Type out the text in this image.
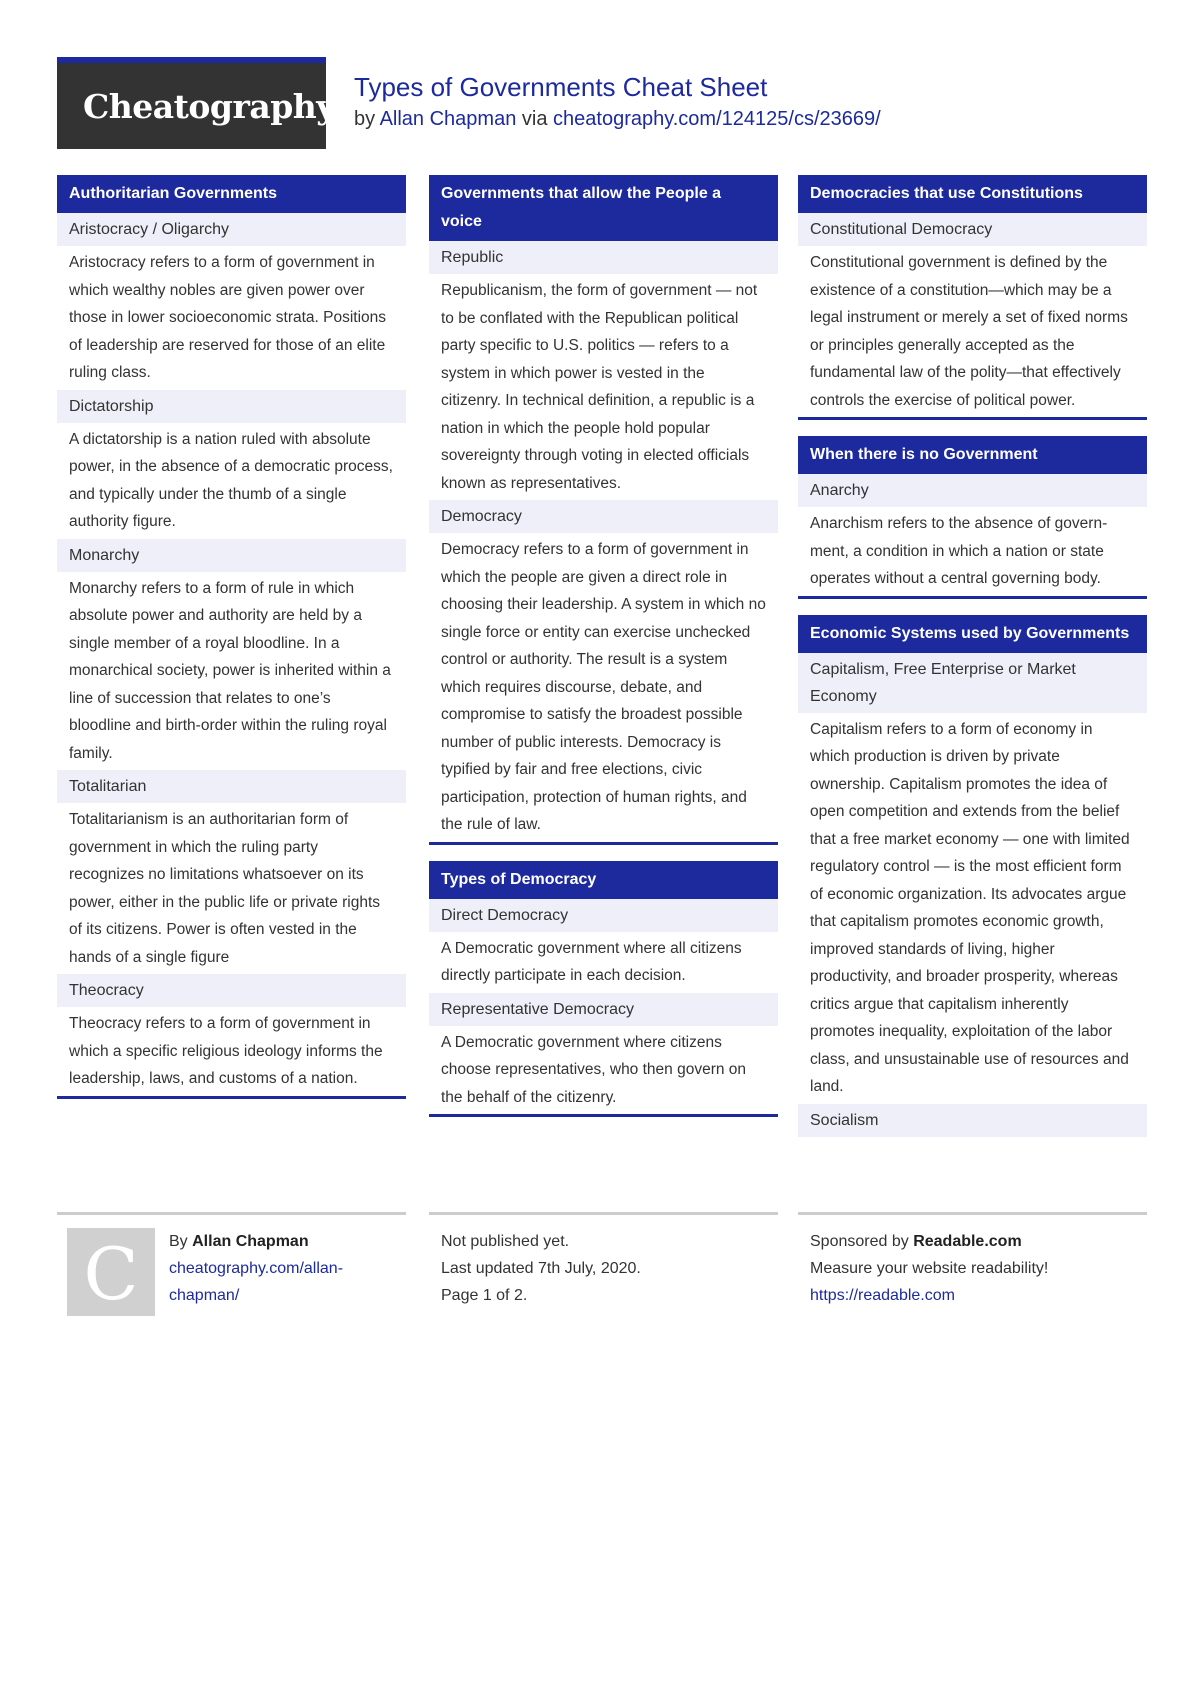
Cheatography Types of Governments Cheat Sheet
by Allan Chapman via cheatography.com/124125/cs/23669/
Authoritarian Governments
Aristocracy / Oligarchy
Aristocracy refers to a form of government in which wealthy nobles are given power over those in lower socioeconomic strata. Positions of leadership are reserved for those of an elite ruling class.
Dictatorship
A dictatorship is a nation ruled with absolute power, in the absence of a democratic process, and typically under the thumb of a single authority figure.
Monarchy
Monarchy refers to a form of rule in which absolute power and authority are held by a single member of a royal bloodline. In a monarchical society, power is inherited within a line of succession that relates to one’s bloodline and birth-order within the ruling royal family.
Totalitarian
Totalitarianism is an authoritarian form of government in which the ruling party recognizes no limitations whatsoever on its power, either in the public life or private rights of its citizens. Power is often vested in the hands of a single figure
Theocracy
Theocracy refers to a form of government in which a specific religious ideology informs the leadership, laws, and customs of a nation.
Governments that allow the People a voice
Republic
Republicanism, the form of government — not to be conflated with the Republican political party specific to U.S. politics — refers to a system in which power is vested in the citizenry. In technical definition, a republic is a nation in which the people hold popular sovereignty through voting in elected officials known as representatives.
Democracy
Democracy refers to a form of government in which the people are given a direct role in choosing their leadership. A system in which no single force or entity can exercise unchecked control or authority. The result is a system which requires discourse, debate, and compromise to satisfy the broadest possible number of public interests. Democracy is typified by fair and free elections, civic participation, protection of human rights, and the rule of law.
Types of Democracy
Direct Democracy
A Democratic government where all citizens directly participate in each decision.
Representative Democracy
A Democratic government where citizens choose representatives, who then govern on the behalf of the citizenry.
Democracies that use Constitutions
Constitutional Democracy
Constitutional government is defined by the existence of a constitution—which may be a legal instrument or merely a set of fixed norms or principles generally accepted as the fundamental law of the polity—that effectively controls the exercise of political power.
When there is no Government
Anarchy
Anarchism refers to the absence of government, a condition in which a nation or state operates without a central governing body.
Economic Systems used by Governments
Capitalism, Free Enterprise or Market Economy
Capitalism refers to a form of economy in which production is driven by private ownership. Capitalism promotes the idea of open competition and extends from the belief that a free market economy — one with limited regulatory control — is the most efficient form of economic organization. Its advocates argue that capitalism promotes economic growth, improved standards of living, higher productivity, and broader prosperity, whereas critics argue that capitalism inherently promotes inequality, exploitation of the labor class, and unsustainable use of resources and land.
Socialism
C	By Allan Chapman
cheatography.com/allan-
chapman/
Not published yet.
Last updated 7th July, 2020.
Page 1 of 2.
Sponsored by Readable.com
Measure your website readability!
https://readable.com
